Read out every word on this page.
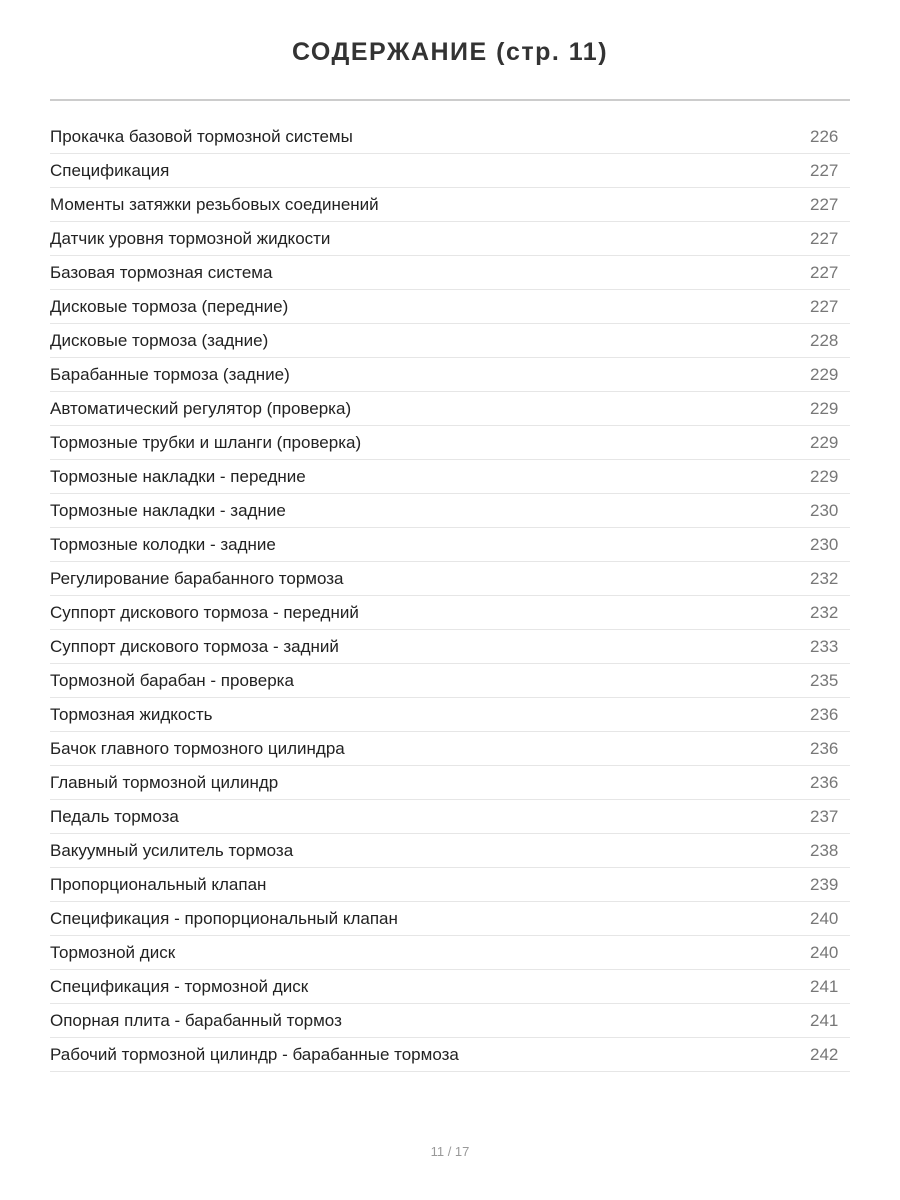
СОДЕРЖАНИЕ (стр. 11)
Прокачка базовой тормозной системы	226
Спецификация	227
Моменты затяжки резьбовых соединений	227
Датчик уровня тормозной жидкости	227
Базовая тормозная система	227
Дисковые тормоза (передние)	227
Дисковые тормоза (задние)	228
Барабанные тормоза (задние)	229
Автоматический регулятор (проверка)	229
Тормозные трубки и шланги (проверка)	229
Тормозные накладки - передние	229
Тормозные накладки - задние	230
Тормозные колодки - задние	230
Регулирование барабанного тормоза	232
Суппорт дискового тормоза - передний	232
Суппорт дискового тормоза - задний	233
Тормозной барабан - проверка	235
Тормозная жидкость	236
Бачок главного тормозного цилиндра	236
Главный тормозной цилиндр	236
Педаль тормоза	237
Вакуумный усилитель тормоза	238
Пропорциональный клапан	239
Спецификация - пропорциональный клапан	240
Тормозной диск	240
Спецификация - тормозной диск	241
Опорная плита - барабанный тормоз	241
Рабочий тормозной цилиндр - барабанные тормоза	242
11 / 17
